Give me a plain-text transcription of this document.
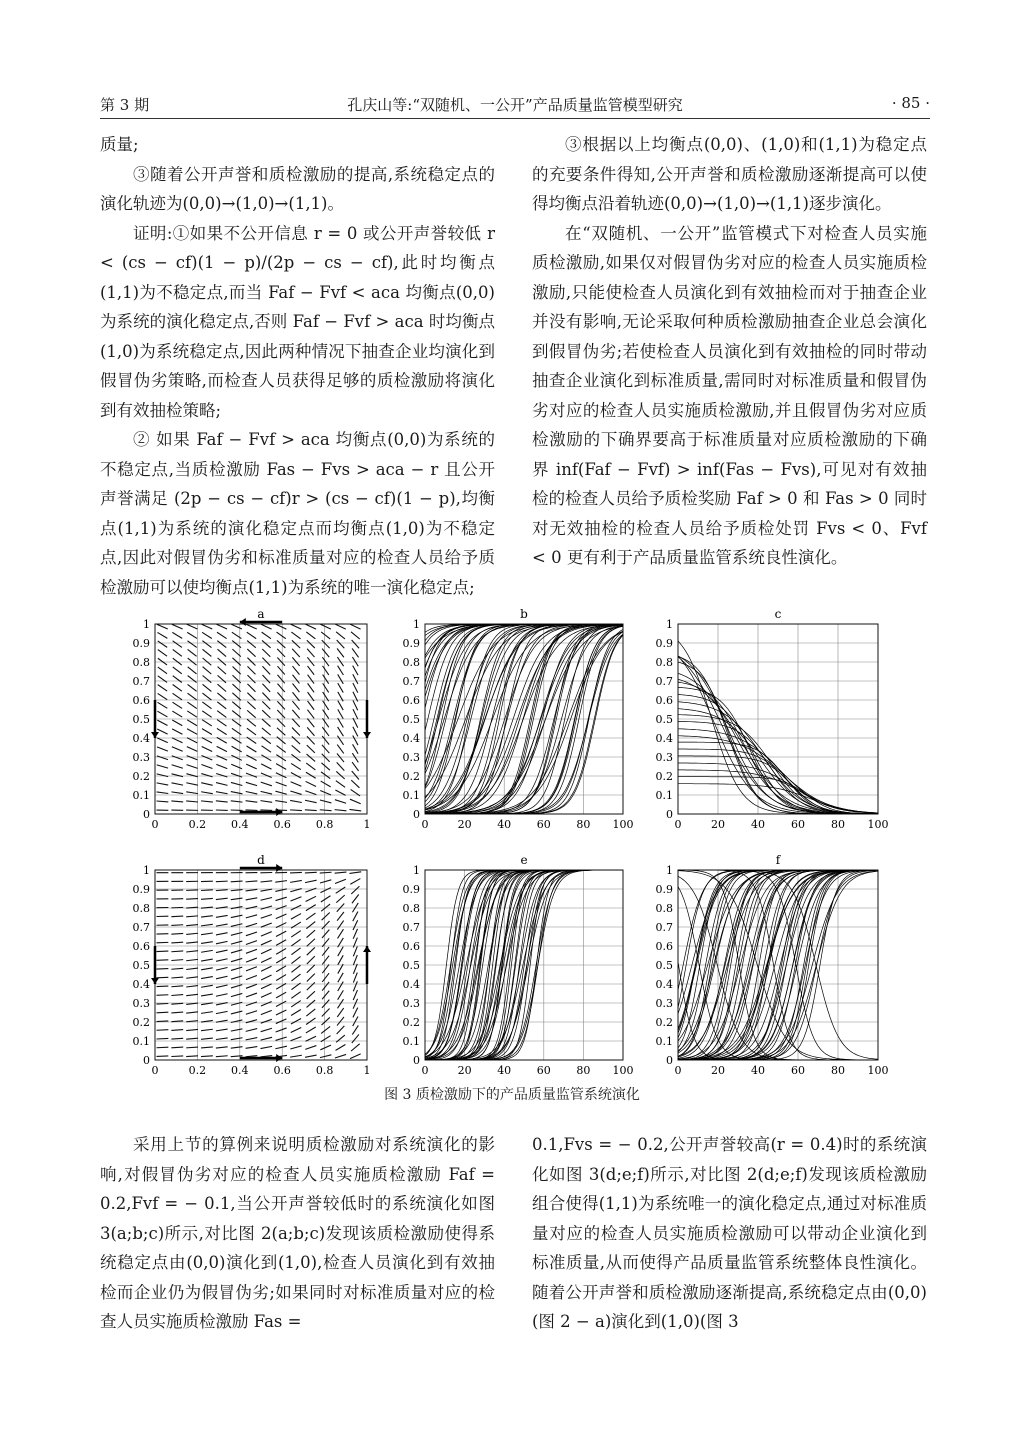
第 3 期	孔庆山等:“双随机、一公开”产品质量监管模型研究	· 85 ·

质量;

③随着公开声誉和质检激励的提高,系统稳定点的演化轨迹为(0,0)→(1,0)→(1,1)。

证明:①如果不公开信息 r = 0 或公开声誉较低 r < (cs − cf)(1 − p)/(2p − cs − cf),此时均衡点(1,1)为不稳定点,而当 Faf − Fvf < aca 均衡点(0,0)为系统的演化稳定点,否则 Faf − Fvf > aca 时均衡点(1,0)为系统稳定点,因此两种情况下抽查企业均演化到假冒伪劣策略,而检查人员获得足够的质检激励将演化到有效抽检策略;

② 如果 Faf − Fvf > aca 均衡点(0,0)为系统的不稳定点,当质检激励 Fas − Fvs > aca − r 且公开声誉满足 (2p − cs − cf)r > (cs − cf)(1 − p),均衡点(1,1)为系统的演化稳定点而均衡点(1,0)为不稳定点,因此对假冒伪劣和标准质量对应的检查人员给予质检激励可以使均衡点(1,1)为系统的唯一演化稳定点;

③根据以上均衡点(0,0)、(1,0)和(1,1)为稳定点的充要条件得知,公开声誉和质检激励逐渐提高可以使得均衡点沿着轨迹(0,0)→(1,0)→(1,1)逐步演化。

在“双随机、一公开”监管模式下对检查人员实施质检激励,如果仅对假冒伪劣对应的检查人员实施质检激励,只能使检查人员演化到有效抽检而对于抽查企业并没有影响,无论采取何种质检激励抽查企业总会演化到假冒伪劣;若使检查人员演化到有效抽检的同时带动抽查企业演化到标准质量,需同时对标准质量和假冒伪劣对应的检查人员实施质检激励,并且假冒伪劣对应质检激励的下确界要高于标准质量对应质检激励的下确界 inf(Faf − Fvf) > inf(Fas − Fvs),可见对有效抽检的检查人员给予质检奖励 Faf > 0 和 Fas > 0 同时对无效抽检的检查人员给予质检处罚 Fvs < 0、Fvf < 0 更有利于产品质量监管系统良性演化。

0	0.2 0.4 0.6 0.8	1
0
0.1
0.2
0.3
0.4
0.5
0.6
0.7
0.8
0.9
1
a
0	20 40 60 80 100
0
0.1
0.2
0.3
0.4
0.5
0.6
0.7
0.8
0.9
1
b
0	20 40 60 80 100
0
0.1
0.2
0.3
0.4
0.5
0.6
0.7
0.8
0.9
1
c
0	0.2 0.4 0.6 0.8	1
0
0.1
0.2
0.3
0.4
0.5
0.6
0.7
0.8
0.9
1
d
0	20 40 60 80 100
0
0.1
0.2
0.3
0.4
0.5
0.6
0.7
0.8
0.9
1
e
0	20 40 60 80 100
0
0.1
0.2
0.3
0.4
0.5
0.6
0.7
0.8
0.9
1
f
图 3 质检激励下的产品质量监管系统演化

采用上节的算例来说明质检激励对系统演化的影响,对假冒伪劣对应的检查人员实施质检激励 Faf = 0.2,Fvf = − 0.1,当公开声誉较低时的系统演化如图 3(a;b;c)所示,对比图 2(a;b;c)发现该质检激励使得系统稳定点由(0,0)演化到(1,0),检查人员演化到有效抽检而企业仍为假冒伪劣;如果同时对标准质量对应的检查人员实施质检激励 Fas =

0.1,Fvs = − 0.2,公开声誉较高(r = 0.4)时的系统演化如图 3(d;e;f)所示,对比图 2(d;e;f)发现该质检激励组合使得(1,1)为系统唯一的演化稳定点,通过对标准质量对应的检查人员实施质检激励可以带动企业演化到标准质量,从而使得产品质量监管系统整体良性演化。随着公开声誉和质检激励逐渐提高,系统稳定点由(0,0)(图 2 − a)演化到(1,0)(图 3
